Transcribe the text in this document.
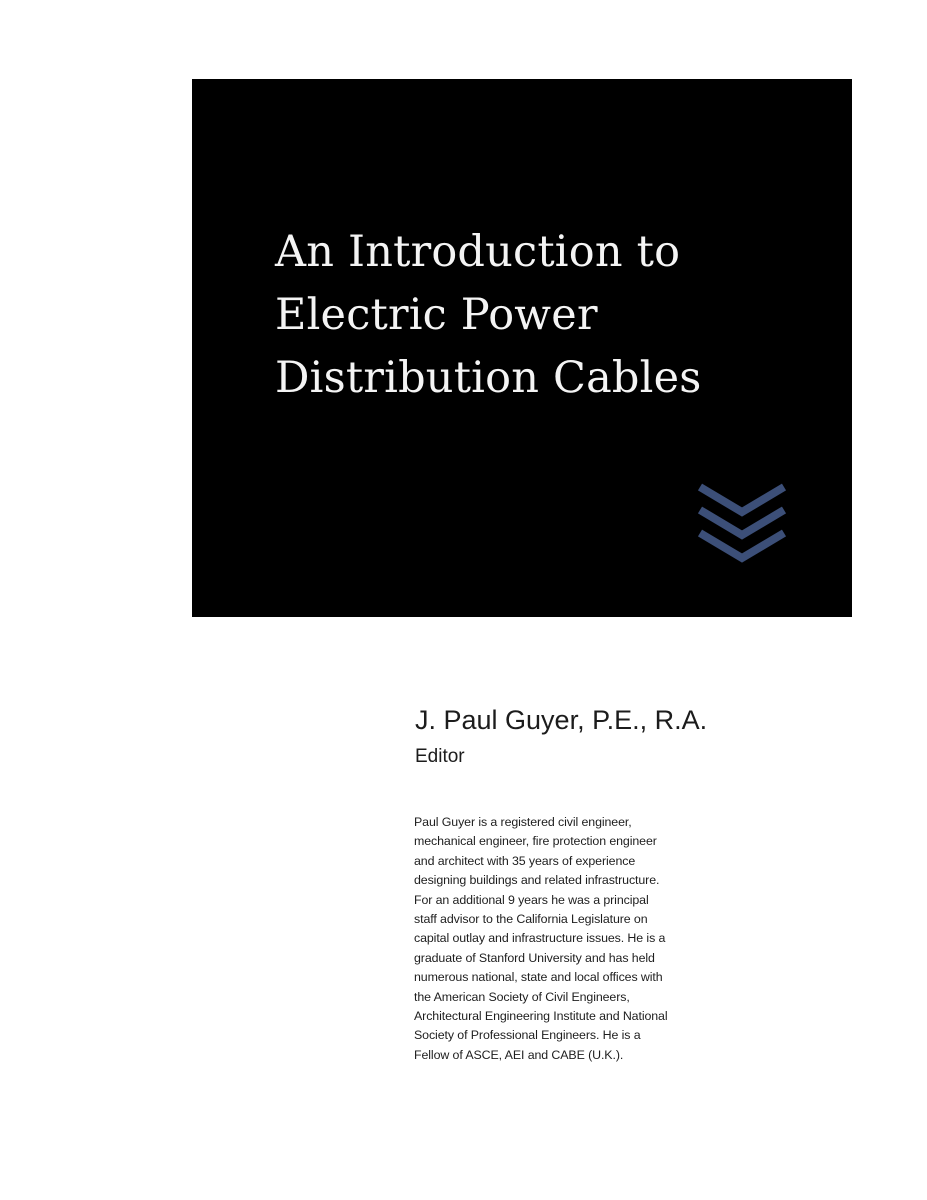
An Introduction to
Electric Power
Distribution Cables
J. Paul Guyer, P.E., R.A.
Editor
Paul Guyer is a registered civil engineer,
mechanical engineer, fire protection engineer
and architect with 35 years of experience
designing buildings and related infrastructure.
For an additional 9 years he was a principal
staff advisor to the California Legislature on
capital outlay and infrastructure issues. He is a
graduate of Stanford University and has held
numerous national, state and local offices with
the American Society of Civil Engineers,
Architectural Engineering Institute and National
Society of Professional Engineers. He is a
Fellow of ASCE, AEI and CABE (U.K.).
